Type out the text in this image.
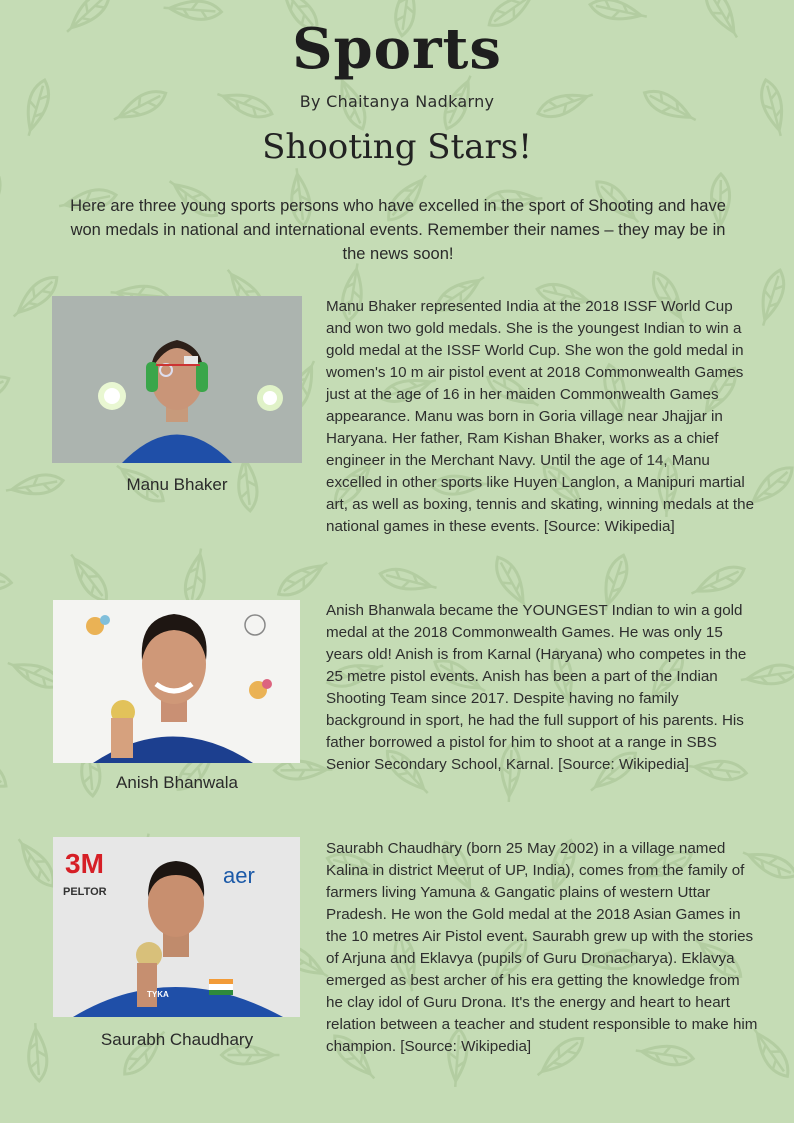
Sports
By Chaitanya Nadkarny
Shooting Stars!
Here are three young sports persons who have excelled in the sport of Shooting and have won medals in national and international events. Remember their names – they may be in the news soon!
Manu Bhaker
Manu Bhaker represented India at the 2018 ISSF World Cup and won two gold medals. She is the youngest Indian to win a gold medal at the ISSF World Cup. She won the gold medal in women's 10 m air pistol event at 2018 Commonwealth Games just at the age of 16 in her maiden Commonwealth Games appearance. Manu was born in Goria village near Jhajjar in Haryana. Her father, Ram Kishan Bhaker, works as a chief engineer in the Merchant Navy. Until the age of 14, Manu excelled in other sports like Huyen Langlon, a Manipuri martial art, as well as boxing, tennis and skating, winning medals at the national games in these events. [Source: Wikipedia]
Anish Bhanwala
Anish Bhanwala became the YOUNGEST Indian to win a gold medal at the 2018 Commonwealth Games. He was only 15 years old! Anish is from Karnal (Haryana) who competes in the 25 metre pistol events. Anish has been a part of the Indian Shooting Team since 2017. Despite having no family background in sport, he had the full support of his parents. His father borrowed a pistol for him to shoot at a range in SBS Senior Secondary School, Karnal. [Source: Wikipedia]
3M
PELTOR
aer
TYKA
Saurabh Chaudhary
Saurabh Chaudhary (born 25 May 2002) in a village named Kalina in district Meerut of UP, India), comes from the family of farmers living Yamuna & Gangatic plains of western Uttar Pradesh. He won the Gold medal at the 2018 Asian Games in the 10 metres Air Pistol event. Saurabh grew up with the stories of Arjuna and Eklavya (pupils of Guru Dronacharya). Eklavya emerged as best archer of his era getting the knowledge from he clay idol of Guru Drona. It's the energy and heart to heart relation between a teacher and student responsible to make him champion. [Source: Wikipedia]
